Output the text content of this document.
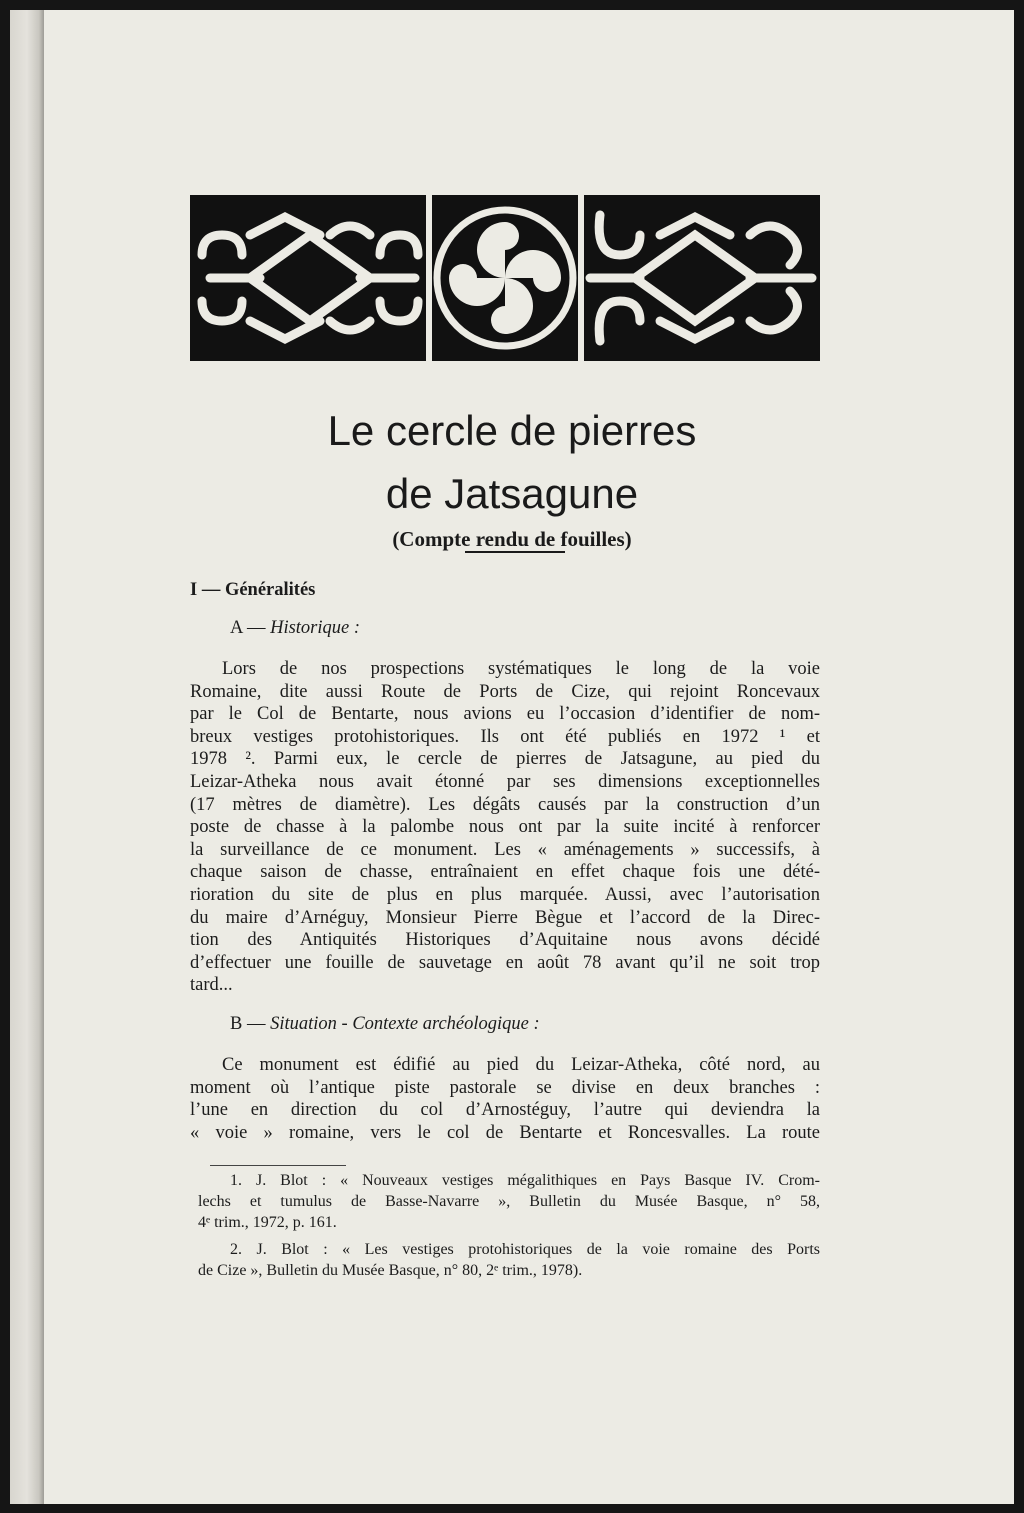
Le cercle de pierres
de Jatsagune
(Compte rendu de fouilles)
I — Généralités
A — Historique :
Lors de nos prospections systématiques le long de la voie
Romaine, dite aussi Route de Ports de Cize, qui rejoint Roncevaux
par le Col de Bentarte, nous avions eu l’occasion d’identifier de nom-
breux vestiges protohistoriques. Ils ont été publiés en 1972 ¹ et
1978 ². Parmi eux, le cercle de pierres de Jatsagune, au pied du
Leizar-Atheka nous avait étonné par ses dimensions exceptionnelles
(17 mètres de diamètre). Les dégâts causés par la construction d’un
poste de chasse à la palombe nous ont par la suite incité à renforcer
la surveillance de ce monument. Les « aménagements » successifs, à
chaque saison de chasse, entraînaient en effet chaque fois une dété-
rioration du site de plus en plus marquée. Aussi, avec l’autorisation
du maire d’Arnéguy, Monsieur Pierre Bègue et l’accord de la Direc-
tion des Antiquités Historiques d’Aquitaine nous avons décidé
d’effectuer une fouille de sauvetage en août 78 avant qu’il ne soit trop
tard...
B — Situation - Contexte archéologique :
Ce monument est édifié au pied du Leizar-Atheka, côté nord, au
moment où l’antique piste pastorale se divise en deux branches :
l’une en direction du col d’Arnostéguy, l’autre qui deviendra la
« voie » romaine, vers le col de Bentarte et Roncesvalles. La route
1. J. Blot : « Nouveaux vestiges mégalithiques en Pays Basque IV. Crom-
lechs et tumulus de Basse-Navarre », Bulletin du Musée Basque, n° 58,
4ᵉ trim., 1972, p. 161.
2. J. Blot : « Les vestiges protohistoriques de la voie romaine des Ports
de Cize », Bulletin du Musée Basque, n° 80, 2ᵉ trim., 1978).
